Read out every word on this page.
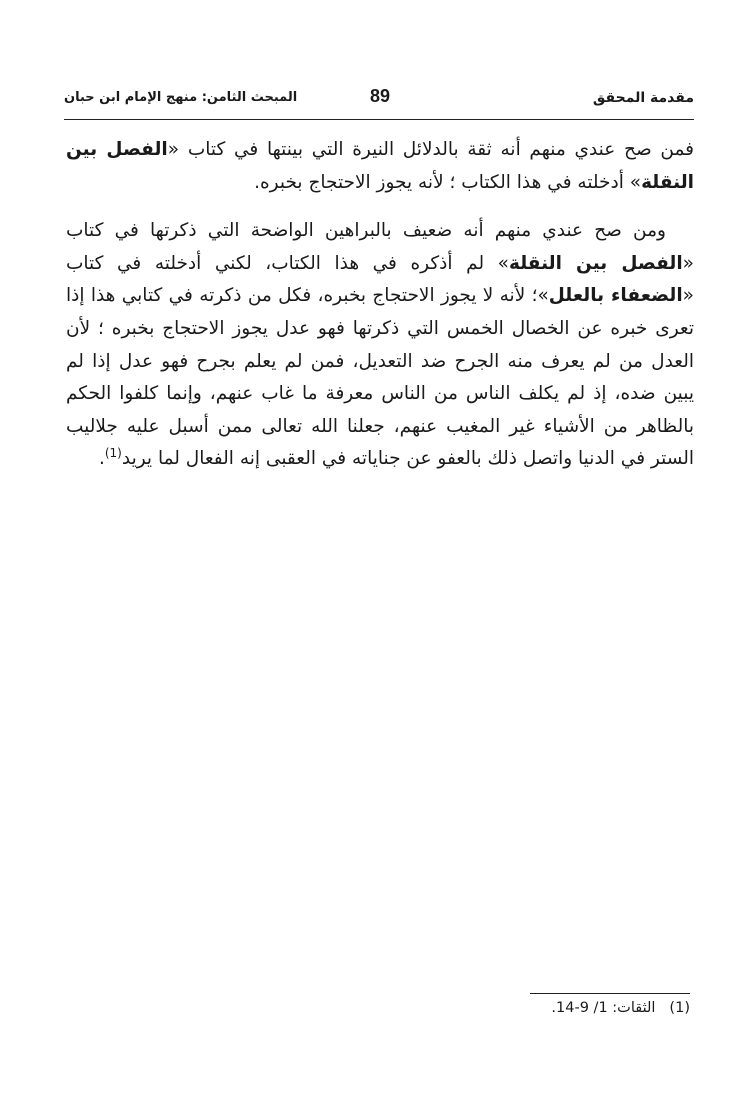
مقدمة المحقق
89
المبحث الثامن: منهج الإمام ابن حبان

فمن صح عندي منهم أنه ثقة بالدلائل النيرة التي بينتها في كتاب «الفصل بين النقلة» أدخلته في هذا الكتاب ؛ لأنه يجوز الاحتجاج بخبره.

ومن صح عندي منهم أنه ضعيف بالبراهين الواضحة التي ذكرتها في كتاب «الفصل بين النقلة» لم أذكره في هذا الكتاب، لكني أدخلته في كتاب «الضعفاء بالعلل»؛ لأنه لا يجوز الاحتجاج بخبره، فكل من ذكرته في كتابي هذا إذا تعرى خبره عن الخصال الخمس التي ذكرتها فهو عدل يجوز الاحتجاج بخبره ؛ لأن العدل من لم يعرف منه الجرح ضد التعديل، فمن لم يعلم بجرح فهو عدل إذا لم يبين ضده، إذ لم يكلف الناس من الناس معرفة ما غاب عنهم، وإنما كلفوا الحكم بالظاهر من الأشياء غير المغيب عنهم، جعلنا الله تعالى ممن أسبل عليه جلاليب الستر في الدنيا واتصل ذلك بالعفو عن جناياته في العقبى إنه الفعال لما يريد$^{(1)}$.

(1)الثقات: 1/ 9-14.
